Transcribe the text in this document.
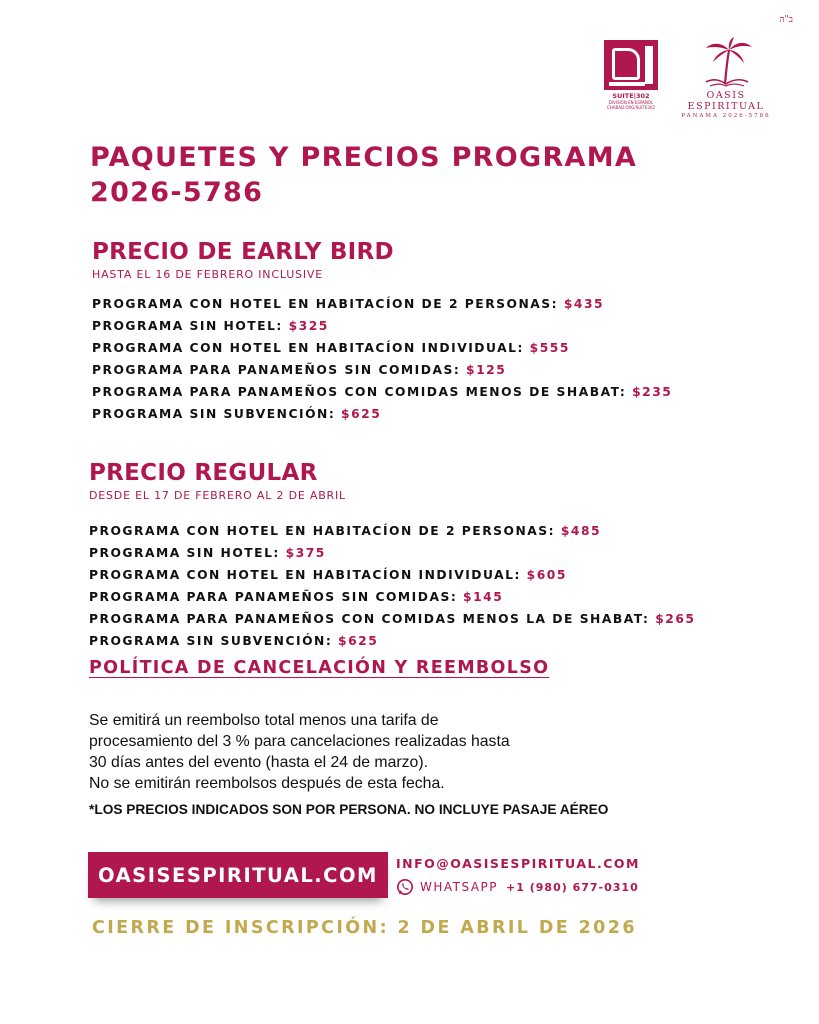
ב"ה
SUITE|302
DIVISIÓN EN ESPAÑOL
CHABAD.ORG/SUITE302
OASIS ESPIRITUAL
PANAMA 2026-5786
PAQUETES Y PRECIOS PROGRAMA
2026-5786
PRECIO DE EARLY BIRD
HASTA EL 16 DE FEBRERO INCLUSIVE
PROGRAMA CON HOTEL EN HABITACÍON DE 2 PERSONAS: $435
PROGRAMA SIN HOTEL: $325
PROGRAMA CON HOTEL EN HABITACÍON INDIVIDUAL: $555
PROGRAMA PARA PANAMEÑOS SIN COMIDAS: $125
PROGRAMA PARA PANAMEÑOS CON COMIDAS MENOS DE SHABAT: $235
PROGRAMA SIN SUBVENCIÓN: $625
PRECIO REGULAR
DESDE EL 17 DE FEBRERO AL 2 DE ABRIL
PROGRAMA CON HOTEL EN HABITACÍON DE 2 PERSONAS: $485
PROGRAMA SIN HOTEL: $375
PROGRAMA CON HOTEL EN HABITACÍON INDIVIDUAL: $605
PROGRAMA PARA PANAMEÑOS SIN COMIDAS: $145
PROGRAMA PARA PANAMEÑOS CON COMIDAS MENOS LA DE SHABAT: $265
PROGRAMA SIN SUBVENCIÓN: $625
POLÍTICA DE CANCELACIÓN Y REEMBOLSO
Se emitirá un reembolso total menos una tarifa de
procesamiento del 3 % para cancelaciones realizadas hasta
30 días antes del evento (hasta el 24 de marzo).
No se emitirán reembolsos después de esta fecha.
*LOS PRECIOS INDICADOS SON POR PERSONA. NO INCLUYE PASAJE AÉREO
OASISESPIRITUAL.COM	INFO@OASISESPIRITUAL.COM
WHATSAPP +1 (980) 677-0310
CIERRE DE INSCRIPCIÓN: 2 DE ABRIL DE 2026
